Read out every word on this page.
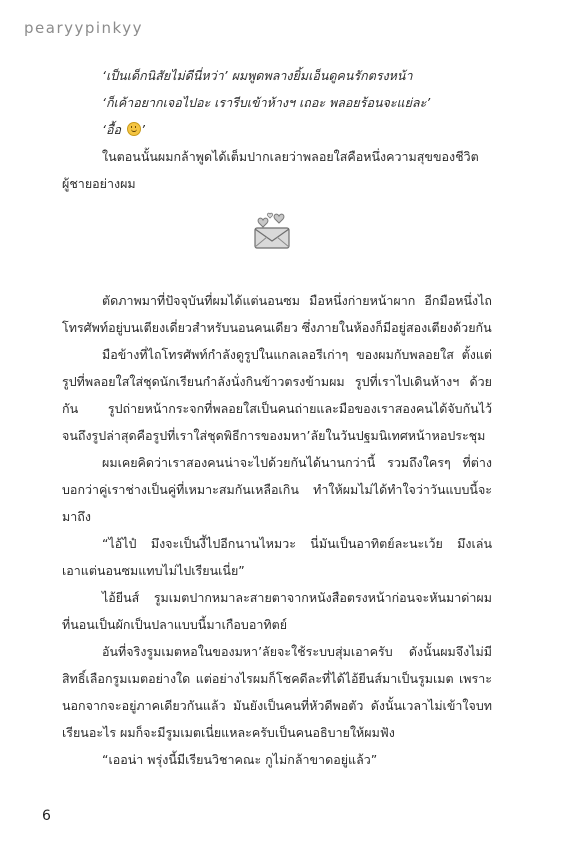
pearyypinkyy

‘เป็นเด็กนิสัยไม่ดีนี่หว่า’ ผมพูดพลางยิ้มเอ็นดูคนรักตรงหน้า

‘ก็เค้าอยากเจอไปอะ เรารีบเข้าห้างฯ เถอะ พลอยร้อนจะแย่ละ’

‘อื้อ ’

ในตอนนั้นผมกล้าพูดได้เต็มปากเลยว่าพลอยใสคือหนึ่งความสุขของชีวิตผู้ชายอย่างผม

ตัดภาพมาที่ปัจจุบันที่ผมได้แต่นอนซม มือหนึ่งก่ายหน้าผาก อีกมือหนึ่งไถโทรศัพท์อยู่บนเตียงเดี่ยวสำหรับนอนคนเดียว ซึ่งภายในห้องก็มีอยู่สองเตียงด้วยกัน

มือข้างที่ไถโทรศัพท์กำลังดูรูปในแกลเลอรีเก่าๆ ของผมกับพลอยใส ตั้งแต่รูปที่พลอยใสใส่ชุดนักเรียนกำลังนั่งกินข้าวตรงข้ามผม รูปที่เราไปเดินห้างฯ ด้วยกัน รูปถ่ายหน้ากระจกที่พลอยใสเป็นคนถ่ายและมือของเราสองคนได้จับกันไว้ จนถึงรูปล่าสุดคือรูปที่เราใส่ชุดพิธีการของมหา’ลัยในวันปฐมนิเทศหน้าหอประชุม

ผมเคยคิดว่าเราสองคนน่าจะไปด้วยกันได้นานกว่านี้ รวมถึงใครๆ ที่ต่างบอกว่าคู่เราช่างเป็นคู่ที่เหมาะสมกันเหลือเกิน ทำให้ผมไม่ได้ทำใจว่าวันแบบนี้จะมาถึง

“ไอ้ไป๋ มึงจะเป็นงี้ไปอีกนานไหมวะ นี่มันเป็นอาทิตย์ละนะเว้ย มึงเล่นเอาแต่นอนซมแทบไม่ไปเรียนเนี่ย”

ไอ้ยีนส์ รูมเมตปากหมาละสายตาจากหนังสือตรงหน้าก่อนจะหันมาด่าผมที่นอนเป็นผักเป็นปลาแบบนี้มาเกือบอาทิตย์

อันที่จริงรูมเมตหอในของมหา’ลัยจะใช้ระบบสุ่มเอาครับ ดังนั้นผมจึงไม่มีสิทธิ์เลือกรูมเมตอย่างใด แต่อย่างไรผมก็โชคดีละที่ได้ไอ้ยีนส์มาเป็นรูมเมต เพราะนอกจากจะอยู่ภาคเดียวกันแล้ว มันยังเป็นคนที่หัวดีพอตัว ดังนั้นเวลาไม่เข้าใจบทเรียนอะไร ผมก็จะมีรูมเมตเนี่ยแหละครับเป็นคนอธิบายให้ผมฟัง

“เออน่า พรุ่งนี้มีเรียนวิชาคณะ กูไม่กล้าขาดอยู่แล้ว”

6
